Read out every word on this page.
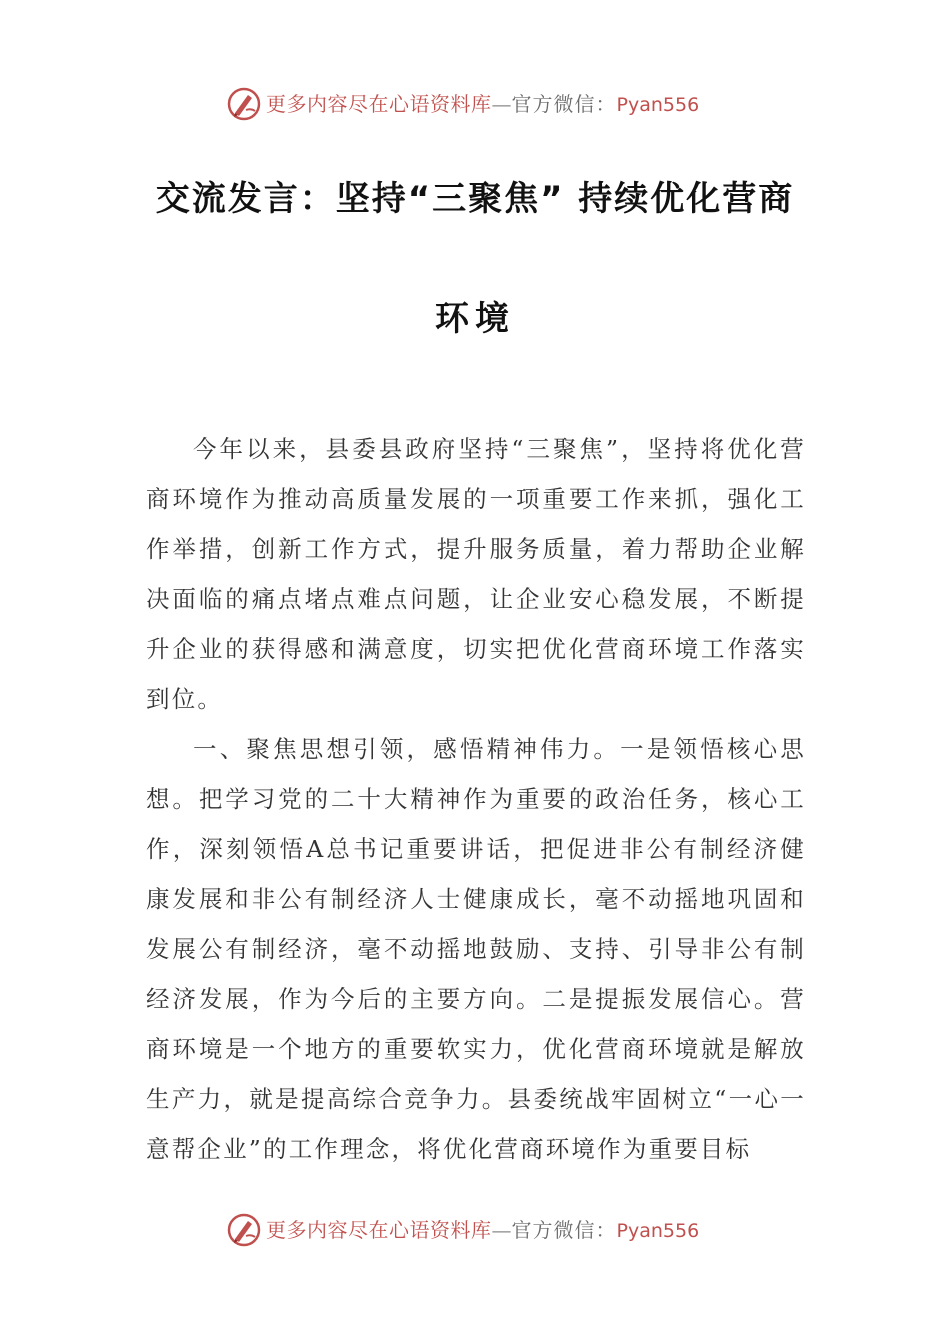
更多内容尽在心语资料库—官方微信：Pyan556
交流发言：坚持“三聚焦” 持续优化营商
环境

今年以来，县委县政府坚持“三聚焦”，坚持将优化营商环境作为推动高质量发展的一项重要工作来抓，强化工作举措，创新工作方式，提升服务质量，着力帮助企业解决面临的痛点堵点难点问题，让企业安心稳发展，不断提升企业的获得感和满意度，切实把优化营商环境工作落实到位。

一、聚焦思想引领，感悟精神伟力。一是领悟核心思想。把学习党的二十大精神作为重要的政治任务，核心工作，深刻领悟A总书记重要讲话，把促进非公有制经济健康发展和非公有制经济人士健康成长，毫不动摇地巩固和发展公有制经济，毫不动摇地鼓励、支持、引导非公有制经济发展，作为今后的主要方向。二是提振发展信心。营商环境是一个地方的重要软实力，优化营商环境就是解放生产力，就是提高综合竞争力。县委统战牢固树立“一心一意帮企业”的工作理念，将优化营商环境作为重要目标

更多内容尽在心语资料库—官方微信：Pyan556
